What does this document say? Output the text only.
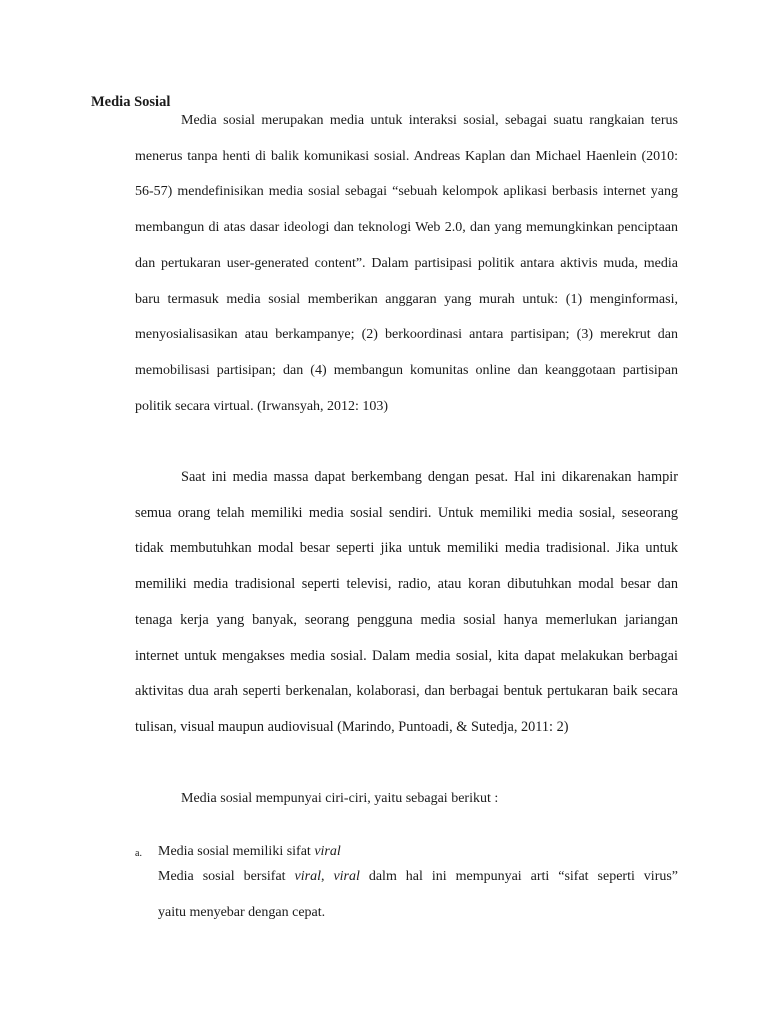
Media Sosial

Media sosial merupakan media untuk interaksi sosial, sebagai suatu rangkaian terus menerus tanpa henti di balik komunikasi sosial. Andreas Kaplan dan Michael Haenlein (2010: 56-57) mendefinisikan media sosial sebagai “sebuah kelompok aplikasi berbasis internet yang membangun di atas dasar ideologi dan teknologi Web 2.0, dan yang memungkinkan penciptaan dan pertukaran user-generated content”. Dalam partisipasi politik antara aktivis muda, media baru termasuk media sosial memberikan anggaran yang murah untuk: (1) menginformasi, menyosialisasikan atau berkampanye; (2) berkoordinasi antara partisipan; (3) merekrut dan memobilisasi partisipan; dan (4) membangun komunitas online dan keanggotaan partisipan politik secara virtual. (Irwansyah, 2012: 103)

Saat ini media massa dapat berkembang dengan pesat. Hal ini dikarenakan hampir semua orang telah memiliki media sosial sendiri. Untuk memiliki media sosial, seseorang tidak membutuhkan modal besar seperti jika untuk memiliki media tradisional. Jika untuk memiliki media tradisional seperti televisi, radio, atau koran dibutuhkan modal besar dan tenaga kerja yang banyak, seorang pengguna media sosial hanya memerlukan jariangan internet untuk mengakses media sosial. Dalam media sosial, kita dapat melakukan berbagai aktivitas dua arah seperti berkenalan, kolaborasi, dan berbagai bentuk pertukaran baik secara tulisan, visual maupun audiovisual (Marindo, Puntoadi, & Sutedja, 2011: 2)

Media sosial mempunyai ciri-ciri, yaitu sebagai berikut :

a. Media sosial memiliki sifat viral

Media sosial bersifat viral, viral dalm hal ini mempunyai arti “sifat seperti virus”
yaitu menyebar dengan cepat.
